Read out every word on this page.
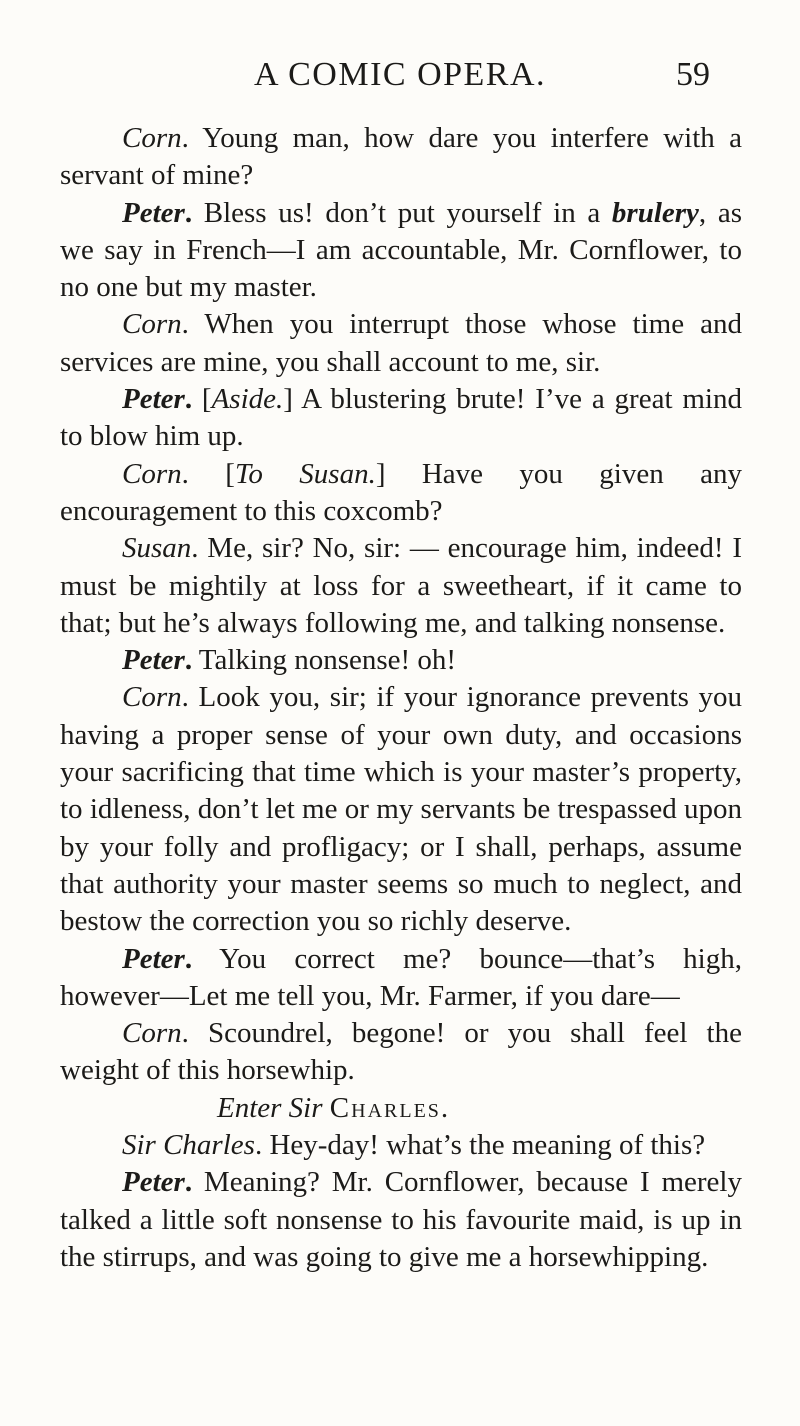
A COMIC OPERA.	59

Corn. Young man, how dare you interfere with a servant of mine?

Peter. Bless us! don’t put yourself in a brulery, as we say in French—I am accountable, Mr. Cornflower, to no one but my master.

Corn. When you interrupt those whose time and services are mine, you shall account to me, sir.

Peter. [Aside.] A blustering brute! I’ve a great mind to blow him up.

Corn. [To Susan.] Have you given any encouragement to this coxcomb?

Susan. Me, sir? No, sir: — encourage him, indeed! I must be mightily at loss for a sweetheart, if it came to that; but he’s always following me, and talking nonsense.

Peter. Talking nonsense! oh!

Corn. Look you, sir; if your ignorance prevents you having a proper sense of your own duty, and occasions your sacrificing that time which is your master’s property, to idleness, don’t let me or my servants be trespassed upon by your folly and profligacy; or I shall, perhaps, assume that authority your master seems so much to neglect, and bestow the correction you so richly deserve.

Peter. You correct me? bounce—that’s high, however—Let me tell you, Mr. Farmer, if you dare—

Corn. Scoundrel, begone! or you shall feel the weight of this horsewhip.

Enter Sir Charles.

Sir Charles. Hey-day! what’s the meaning of this?

Peter. Meaning? Mr. Cornflower, because I merely talked a little soft nonsense to his favourite maid, is up in the stirrups, and was going to give me a horsewhipping.
